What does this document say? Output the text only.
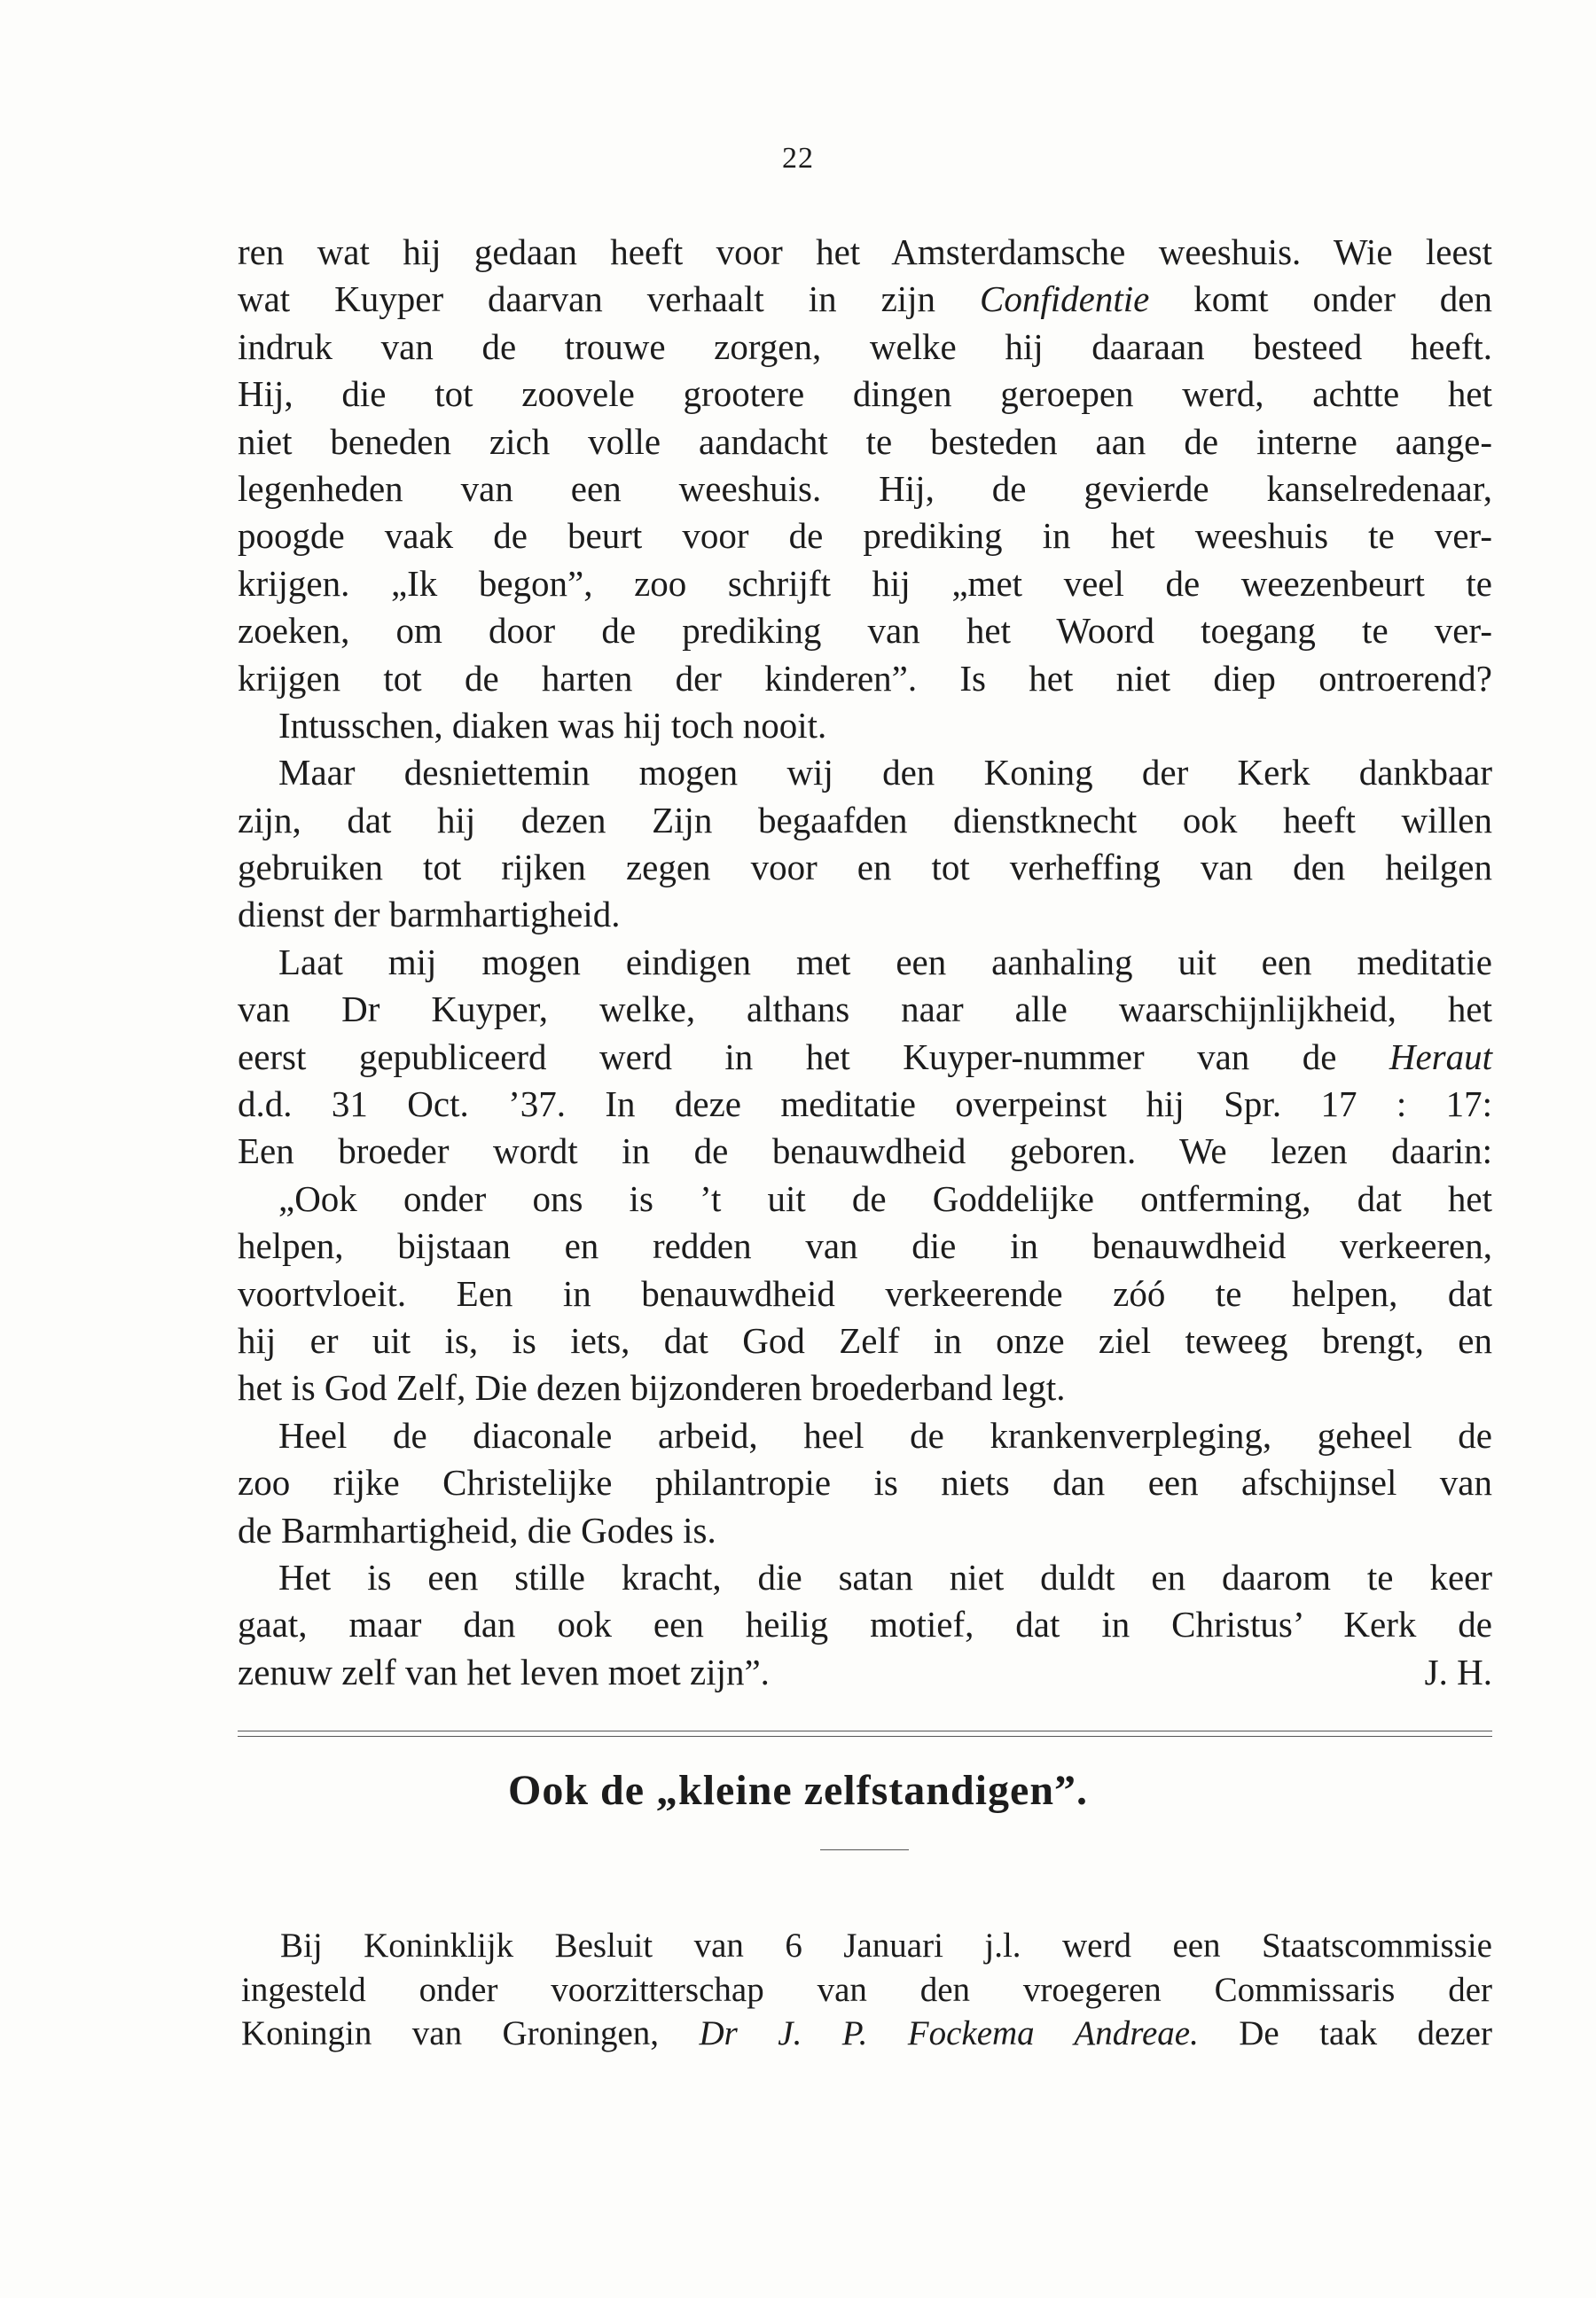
22
ren wat hij gedaan heeft voor het Amsterdamsche weeshuis. Wie leest
wat Kuyper daarvan verhaalt in zijn Confidentie komt onder den
indruk van de trouwe zorgen, welke hij daaraan besteed heeft.
Hij, die tot zoovele grootere dingen geroepen werd, achtte het
niet beneden zich volle aandacht te besteden aan de interne aange-
legenheden van een weeshuis. Hij, de gevierde kanselredenaar,
poogde vaak de beurt voor de prediking in het weeshuis te ver-
krijgen. „Ik begon”, zoo schrijft hij „met veel de weezenbeurt te
zoeken, om door de prediking van het Woord toegang te ver-
krijgen tot de harten der kinderen”. Is het niet diep ontroerend?
Intusschen, diaken was hij toch nooit.
Maar desniettemin mogen wij den Koning der Kerk dankbaar
zijn, dat hij dezen Zijn begaafden dienstknecht ook heeft willen
gebruiken tot rijken zegen voor en tot verheffing van den heilgen
dienst der barmhartigheid.
Laat mij mogen eindigen met een aanhaling uit een meditatie
van Dr Kuyper, welke, althans naar alle waarschijnlijkheid, het
eerst gepubliceerd werd in het Kuyper-nummer van de Heraut
d.d. 31 Oct. ’37. In deze meditatie overpeinst hij Spr. 17 : 17:
Een broeder wordt in de benauwdheid geboren. We lezen daarin:
„Ook onder ons is ’t uit de Goddelijke ontferming, dat het
helpen, bijstaan en redden van die in benauwdheid verkeeren,
voortvloeit. Een in benauwdheid verkeerende zóó te helpen, dat
hij er uit is, is iets, dat God Zelf in onze ziel teweeg brengt, en
het is God Zelf, Die dezen bijzonderen broederband legt.
Heel de diaconale arbeid, heel de krankenverpleging, geheel de
zoo rijke Christelijke philantropie is niets dan een afschijnsel van
de Barmhartigheid, die Godes is.
Het is een stille kracht, die satan niet duldt en daarom te keer
gaat, maar dan ook een heilig motief, dat in Christus’ Kerk de
zenuw zelf van het leven moet zijn”.	J. H.
Ook de „kleine zelfstandigen”.
Bij Koninklijk Besluit van 6 Januari j.l. werd een Staatscommissie
ingesteld onder voorzitterschap van den vroegeren Commissaris der
Koningin van Groningen, Dr J. P. Fockema Andreae. De taak dezer
